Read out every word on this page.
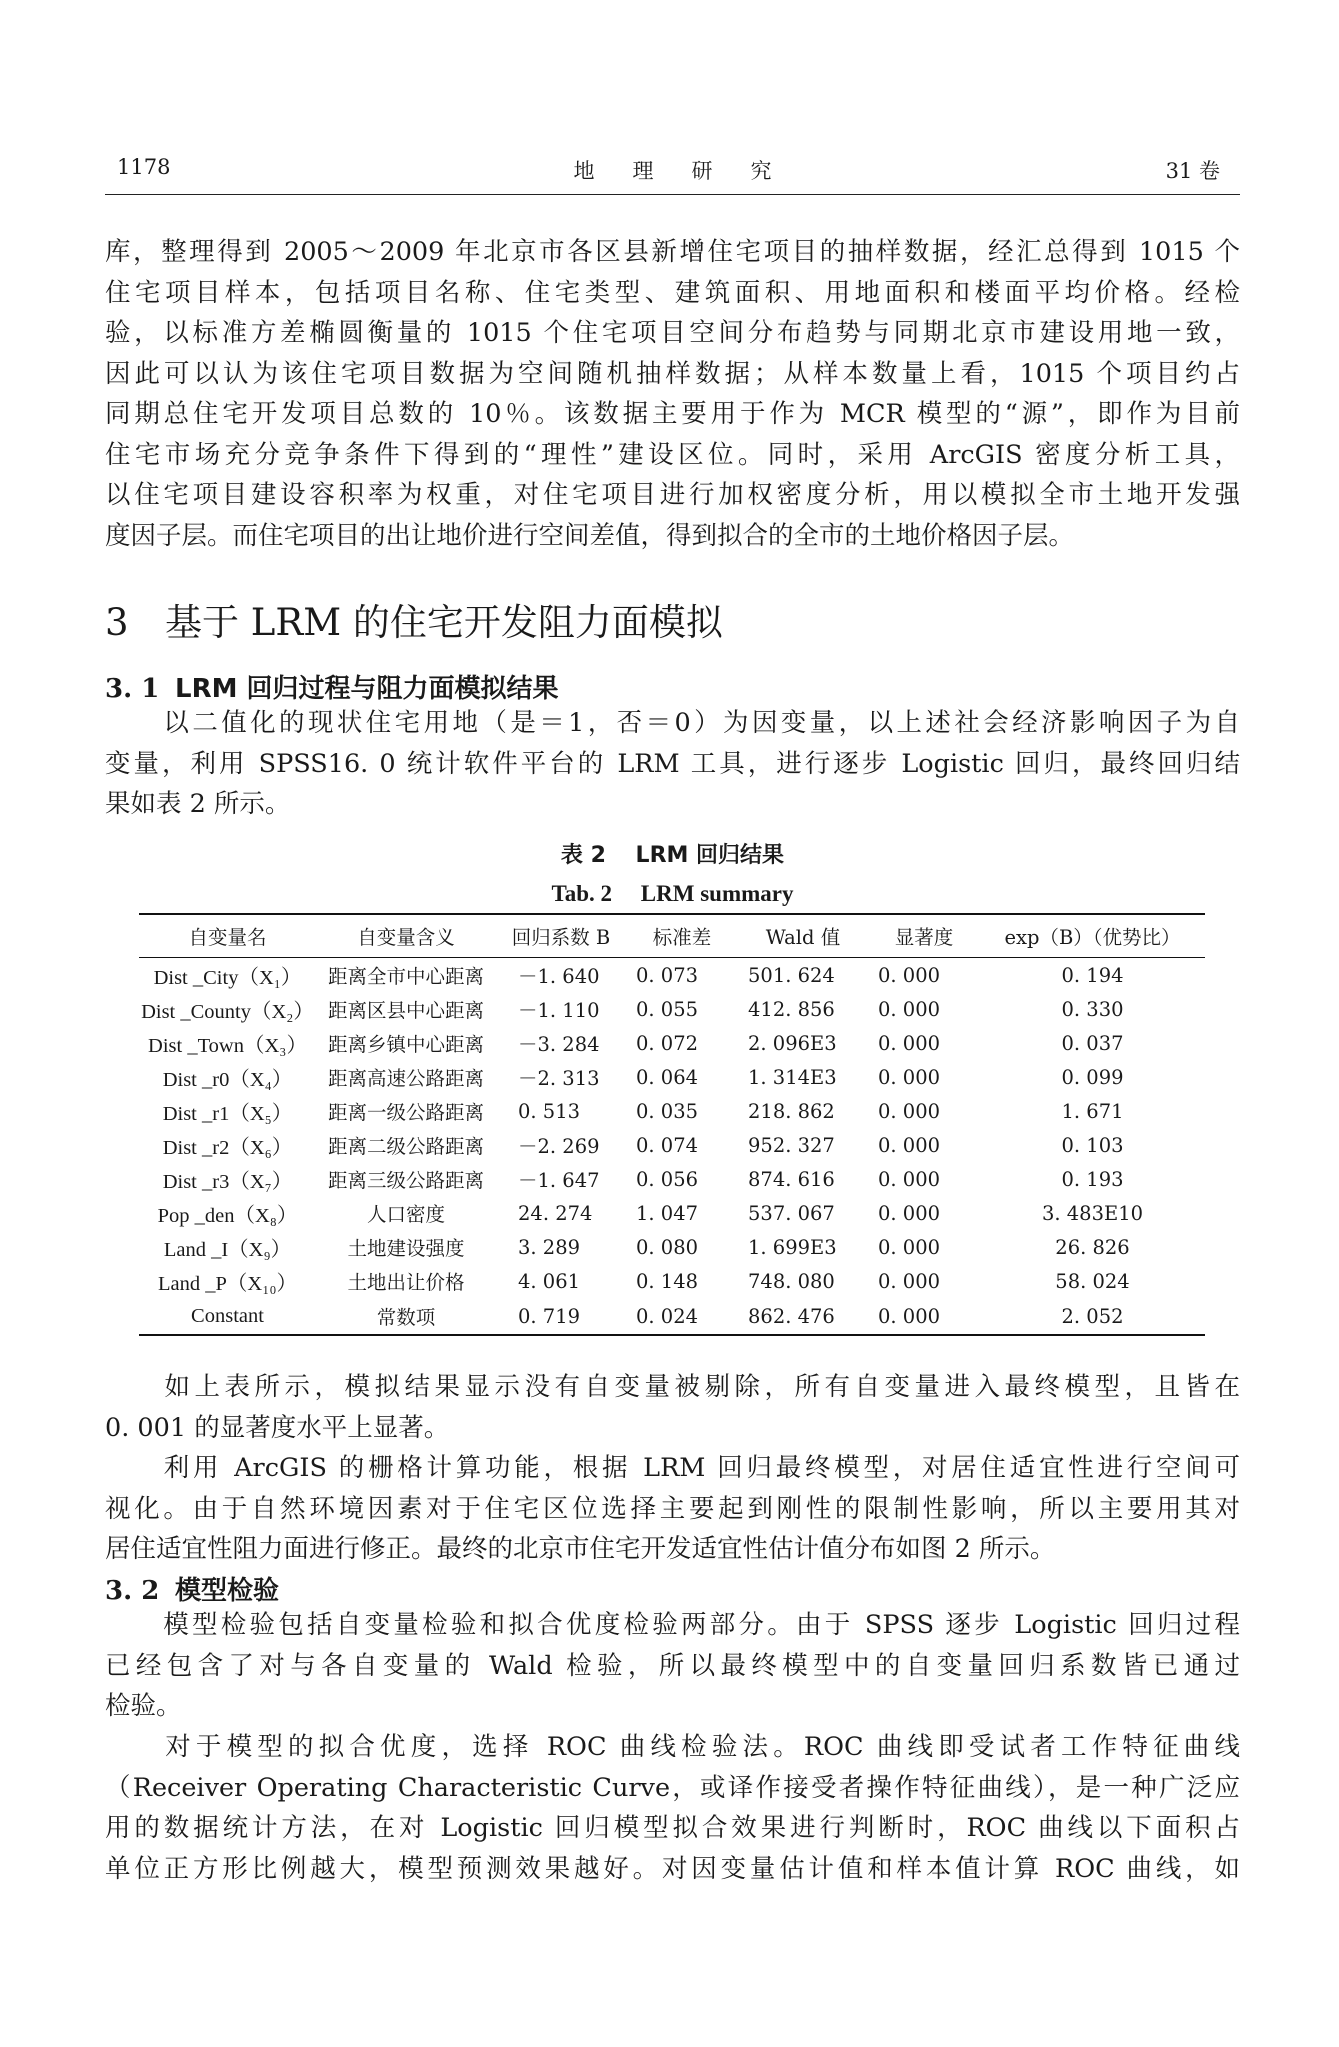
1178	地理研究	31 卷
库，整理得到 2005～2009 年北京市各区县新增住宅项目的抽样数据，经汇总得到 1015 个
住宅项目样本，包括项目名称、住宅类型、建筑面积、用地面积和楼面平均价格。经检
验，以标准方差椭圆衡量的 1015 个住宅项目空间分布趋势与同期北京市建设用地一致，
因此可以认为该住宅项目数据为空间随机抽样数据；从样本数量上看，1015 个项目约占
同期总住宅开发项目总数的 10％。该数据主要用于作为 MCR 模型的“源”，即作为目前
住宅市场充分竞争条件下得到的“理性”建设区位。同时，采用 ArcGIS 密度分析工具，
以住宅项目建设容积率为权重，对住宅项目进行加权密度分析，用以模拟全市土地开发强
度因子层。而住宅项目的出让地价进行空间差值，得到拟合的全市的土地价格因子层。
3 基于 LRM 的住宅开发阻力面模拟
3. 1 LRM 回归过程与阻力面模拟结果
以二值化的现状住宅用地（是＝1，否＝0）为因变量，以上述社会经济影响因子为自
变量，利用 SPSS16. 0 统计软件平台的 LRM 工具，进行逐步 Logistic 回归，最终回归结
果如表 2 所示。
表 2　 LRM 回归结果
Tab. 2　 LRM summary
自变量名	自变量含义	回归系数 B	标准差	Wald 值	显著度	exp（B）（优势比）
Dist _City（X₁）	距离全市中心距离	－1. 640	0. 073	501. 624	0. 000	0. 194
Dist _County（X₂）	距离区县中心距离	－1. 110	0. 055	412. 856	0. 000	0. 330
Dist _Town（X₃）	距离乡镇中心距离	－3. 284	0. 072	2. 096E3	0. 000	0. 037
Dist _r0（X₄）	距离高速公路距离	－2. 313	0. 064	1. 314E3	0. 000	0. 099
Dist _r1（X₅）	距离一级公路距离	0. 513	0. 035	218. 862	0. 000	1. 671
Dist _r2（X₆）	距离二级公路距离	－2. 269	0. 074	952. 327	0. 000	0. 103
Dist _r3（X₇）	距离三级公路距离	－1. 647	0. 056	874. 616	0. 000	0. 193
Pop _den（X₈）	人口密度	24. 274	1. 047	537. 067	0. 000	3. 483E10
Land _I（X₉）	土地建设强度	3. 289	0. 080	1. 699E3	0. 000	26. 826
Land _P（X₁₀）	土地出让价格	4. 061	0. 148	748. 080	0. 000	58. 024
Constant	常数项	0. 719	0. 024	862. 476	0. 000	2. 052
如上表所示，模拟结果显示没有自变量被剔除，所有自变量进入最终模型，且皆在
0. 001 的显著度水平上显著。
利用 ArcGIS 的栅格计算功能，根据 LRM 回归最终模型，对居住适宜性进行空间可
视化。由于自然环境因素对于住宅区位选择主要起到刚性的限制性影响，所以主要用其对
居住适宜性阻力面进行修正。最终的北京市住宅开发适宜性估计值分布如图 2 所示。
3. 2 模型检验
模型检验包括自变量检验和拟合优度检验两部分。由于 SPSS 逐步 Logistic 回归过程
已经包含了对与各自变量的 Wald 检验，所以最终模型中的自变量回归系数皆已通过
检验。
对于模型的拟合优度，选择 ROC 曲线检验法。ROC 曲线即受试者工作特征曲线
（Receiver Operating Characteristic Curve，或译作接受者操作特征曲线），是一种广泛应
用的数据统计方法，在对 Logistic 回归模型拟合效果进行判断时，ROC 曲线以下面积占
单位正方形比例越大，模型预测效果越好。对因变量估计值和样本值计算 ROC 曲线，如
